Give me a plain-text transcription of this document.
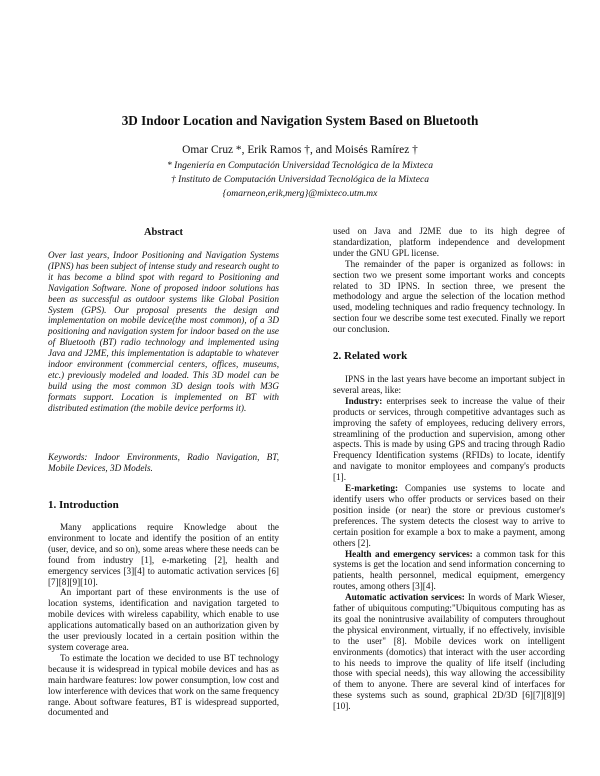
3D Indoor Location and Navigation System Based on Bluetooth
Omar Cruz *, Erik Ramos †, and Moisés Ramírez †
* Ingeniería en Computación Universidad Tecnológica de la Mixteca
† Instituto de Computación Universidad Tecnológica de la Mixteca
{omarneon,erik,merg}@mixteco.utm.mx
Abstract

Over last years, Indoor Positioning and Navigation Systems (IPNS) has been subject of intense study and research ought to it has become a blind spot with regard to Positioning and Navigation Software. None of proposed indoor solutions has been as successful as outdoor systems like Global Position System (GPS). Our proposal presents the design and implementation on mobile device(the most common), of a 3D positioning and navigation system for indoor based on the use of Bluetooth (BT) radio technology and implemented using Java and J2ME, this implementation is adaptable to whatever indoor environment (commercial centers, offices, museums, etc.) previously modeled and loaded. This 3D model can be build using the most common 3D design tools with M3G formats support. Location is implemented on BT with distributed estimation (the mobile device performs it).

Keywords: Indoor Environments, Radio Navigation, BT, Mobile Devices, 3D Models.

1. Introduction

Many applications require Knowledge about the environment to locate and identify the position of an entity (user, device, and so on), some areas where these needs can be found from industry [1], e-marketing [2], health and emergency services [3][4] to automatic activation services [6][7][8][9][10].

An important part of these environments is the use of location systems, identification and navigation targeted to mobile devices with wireless capability, which enable to use applications automatically based on an authorization given by the user previously located in a certain position within the system coverage area.

To estimate the location we decided to use BT technology because it is widespread in typical mobile devices and has as main hardware features: low power consumption, low cost and low interference with devices that work on the same frequency range. About software features, BT is widespread supported, documented and

used on Java and J2ME due to its high degree of standardization, platform independence and development under the GNU GPL license.

The remainder of the paper is organized as follows: in section two we present some important works and concepts related to 3D IPNS. In section three, we present the methodology and argue the selection of the location method used, modeling techniques and radio frequency technology. In section four we describe some test executed. Finally we report our conclusion.

2. Related work

IPNS in the last years have become an important subject in several areas, like:

Industry: enterprises seek to increase the value of their products or services, through competitive advantages such as improving the safety of employees, reducing delivery errors, streamlining of the production and supervision, among other aspects. This is made by using GPS and tracing through Radio Frequency Identification systems (RFIDs) to locate, identify and navigate to monitor employees and company's products [1].

E-marketing: Companies use systems to locate and identify users who offer products or services based on their position inside (or near) the store or previous customer's preferences. The system detects the closest way to arrive to certain position for example a box to make a payment, among others [2].

Health and emergency services: a common task for this systems is get the location and send information concerning to patients, health personnel, medical equipment, emergency routes, among others [3][4].

Automatic activation services: In words of Mark Wieser, father of ubiquitous computing:"Ubiquitous computing has as its goal the nonintrusive availability of computers throughout the physical environment, virtually, if no effectively, invisible to the user" [8]. Mobile devices work on intelligent environments (domotics) that interact with the user according to his needs to improve the quality of life itself (including those with special needs), this way allowing the accessibility of them to anyone. There are several kind of interfaces for these systems such as sound, graphical 2D/3D [6][7][8][9][10].
